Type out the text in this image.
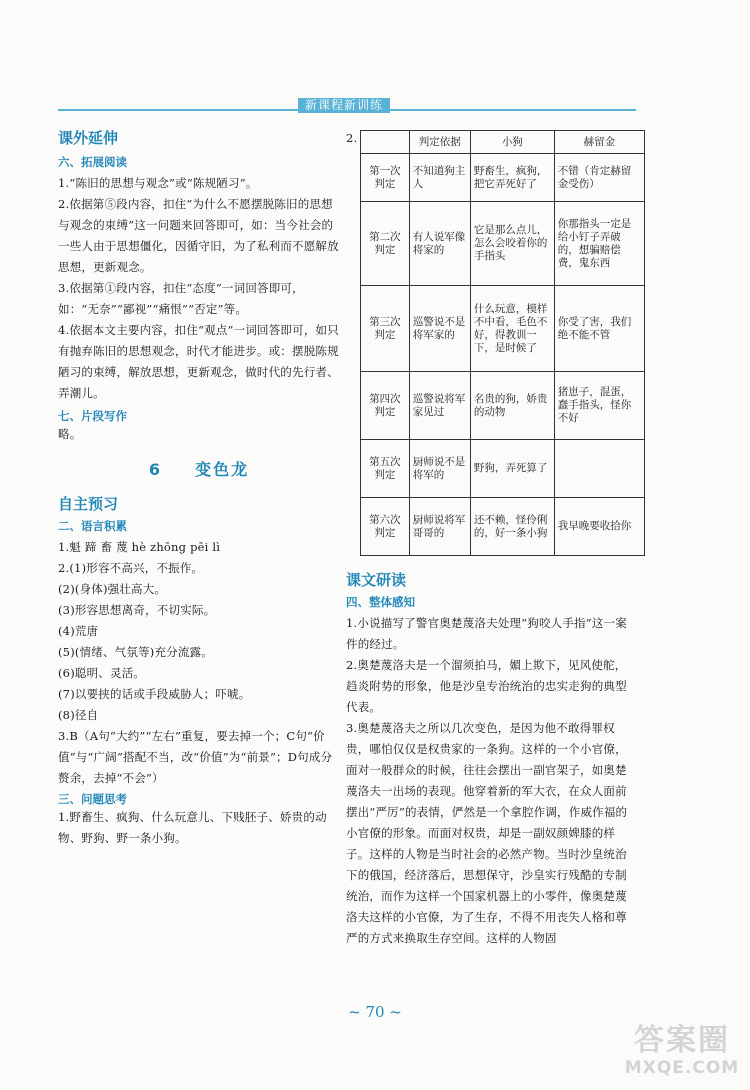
新课程新训练
课外延伸
六、拓展阅读
1.“陈旧的思想与观念”或“陈规陋习”。
2.依据第⑤段内容，扣住“为什么不愿摆脱陈旧的思想与观念的束缚”这一问题来回答即可，如：当今社会的一些人由于思想僵化，因循守旧，为了私利而不愿解放思想，更新观念。
3.依据第①段内容，扣住“态度”一词回答即可，如：“无奈”“鄙视”“痛恨”“否定”等。
4.依据本文主要内容，扣住“观点”一词回答即可，如只有抛弃陈旧的思想观念，时代才能进步。或：摆脱陈规陋习的束缚，解放思想，更新观念，做时代的先行者、弄潮儿。
七、片段写作
略。
6 变色龙
自主预习
二、语言积累
1.魁 蹄 畜 蔑 hè zhōng pēi lì
2.(1)形容不高兴，不振作。
(2)(身体)强壮高大。
(3)形容思想离奇，不切实际。
(4)荒唐
(5)(情绪、气氛等)充分流露。
(6)聪明、灵活。
(7)以要挟的话或手段威胁人；吓唬。
(8)径自
3.B（A句“大约”“左右”重复，要去掉一个；C句“价值”与“广阔”搭配不当，改“价值”为“前景”；D句成分赘余，去掉“不会”）
三、问题思考
1.野畜生、疯狗、什么玩意儿、下贱胚子、娇贵的动物、野狗、野一条小狗。
2.
		判定依据	小狗	赫留金
第一次判定	不知道狗主人	野畜生，疯狗，把它弄死好了	不错（肯定赫留金受伤）
第二次判定	有人说军像将家的	它是那么点儿，怎么会咬着你的手指头	你那指头一定是给小钉子弄破的，想骗赔偿费，鬼东西
第三次判定	巡警说不是将军家的	什么玩意，模样不中看，毛色不好，得教训一下，是时候了	你受了害，我们绝不能不管
第四次判定	巡警说将军家见过	名贵的狗，娇贵的动物	猪崽子，混蛋，蠢手指头，怪你不好
第五次判定	厨师说不是将军的	野狗，弄死算了	
第六次判定	厨师说将军哥哥的	还不赖，怪伶俐的，好一条小狗	我早晚要收拾你
课文研读
四、整体感知
1.小说描写了警官奥楚蔑洛夫处理“狗咬人手指”这一案件的经过。
2.奥楚蔑洛夫是一个溜须拍马，媚上欺下，见风使舵，趋炎附势的形象，他是沙皇专治统治的忠实走狗的典型代表。
3.奥楚蔑洛夫之所以几次变色，是因为他不敢得罪权贵，哪怕仅仅是权贵家的一条狗。这样的一个小官僚，面对一般群众的时候，往往会摆出一副官架子，如奥楚蔑洛夫一出场的表现。他穿着新的军大衣，在众人面前摆出“严厉”的表情，俨然是一个拿腔作调，作威作福的小官僚的形象。而面对权贵，却是一副奴颜婢膝的样子。这样的人物是当时社会的必然产物。当时沙皇统治下的俄国，经济落后，思想保守，沙皇实行残酷的专制统治，而作为这样一个国家机器上的小零件，像奥楚蔑洛夫这样的小官僚，为了生存，不得不用丧失人格和尊严的方式来换取生存空间。这样的人物固
~ 70 ~
答案圈
MXQE.COM
